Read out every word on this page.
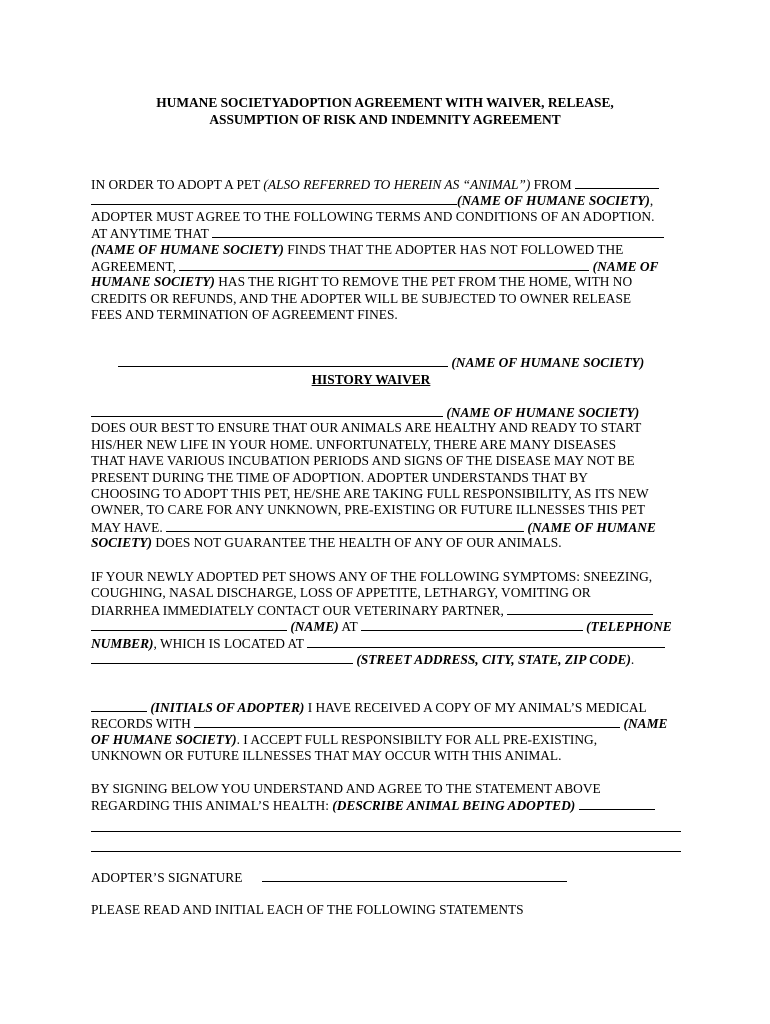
HUMANE SOCIETYADOPTION AGREEMENT WITH WAIVER, RELEASE,
ASSUMPTION OF RISK AND INDEMNITY AGREEMENT
IN ORDER TO ADOPT A PET (ALSO REFERRED TO HEREIN AS “ANIMAL”) FROM
(NAME OF HUMANE SOCIETY),
ADOPTER MUST AGREE TO THE FOLLOWING TERMS AND CONDITIONS OF AN ADOPTION.
AT ANYTIME THAT
(NAME OF HUMANE SOCIETY) FINDS THAT THE ADOPTER HAS NOT FOLLOWED THE
AGREEMENT,	(NAME OF
HUMANE SOCIETY) HAS THE RIGHT TO REMOVE THE PET FROM THE HOME, WITH NO
CREDITS OR REFUNDS, AND THE ADOPTER WILL BE SUBJECTED TO OWNER RELEASE
FEES AND TERMINATION OF AGREEMENT FINES.
(NAME OF HUMANE SOCIETY)
HISTORY WAIVER
(NAME OF HUMANE SOCIETY)
DOES OUR BEST TO ENSURE THAT OUR ANIMALS ARE HEALTHY AND READY TO START
HIS/HER NEW LIFE IN YOUR HOME. UNFORTUNATELY, THERE ARE MANY DISEASES
THAT HAVE VARIOUS INCUBATION PERIODS AND SIGNS OF THE DISEASE MAY NOT BE
PRESENT DURING THE TIME OF ADOPTION. ADOPTER UNDERSTANDS THAT BY
CHOOSING TO ADOPT THIS PET, HE/SHE ARE TAKING FULL RESPONSIBILITY, AS ITS NEW
OWNER, TO CARE FOR ANY UNKNOWN, PRE-EXISTING OR FUTURE ILLNESSES THIS PET
MAY HAVE.	(NAME OF HUMANE
SOCIETY) DOES NOT GUARANTEE THE HEALTH OF ANY OF OUR ANIMALS.
IF YOUR NEWLY ADOPTED PET SHOWS ANY OF THE FOLLOWING SYMPTOMS: SNEEZING,
COUGHING, NASAL DISCHARGE, LOSS OF APPETITE, LETHARGY, VOMITING OR
DIARRHEA IMMEDIATELY CONTACT OUR VETERINARY PARTNER,
(NAME) AT	(TELEPHONE
NUMBER), WHICH IS LOCATED AT
(STREET ADDRESS, CITY, STATE, ZIP CODE).
(INITIALS OF ADOPTER) I HAVE RECEIVED A COPY OF MY ANIMAL’S MEDICAL
RECORDS WITH	(NAME
OF HUMANE SOCIETY). I ACCEPT FULL RESPONSIBILTY FOR ALL PRE-EXISTING,
UNKNOWN OR FUTURE ILLNESSES THAT MAY OCCUR WITH THIS ANIMAL.
BY SIGNING BELOW YOU UNDERSTAND AND AGREE TO THE STATEMENT ABOVE
REGARDING THIS ANIMAL’S HEALTH: (DESCRIBE ANIMAL BEING ADOPTED)
ADOPTER’S SIGNATURE
PLEASE READ AND INITIAL EACH OF THE FOLLOWING STATEMENTS
